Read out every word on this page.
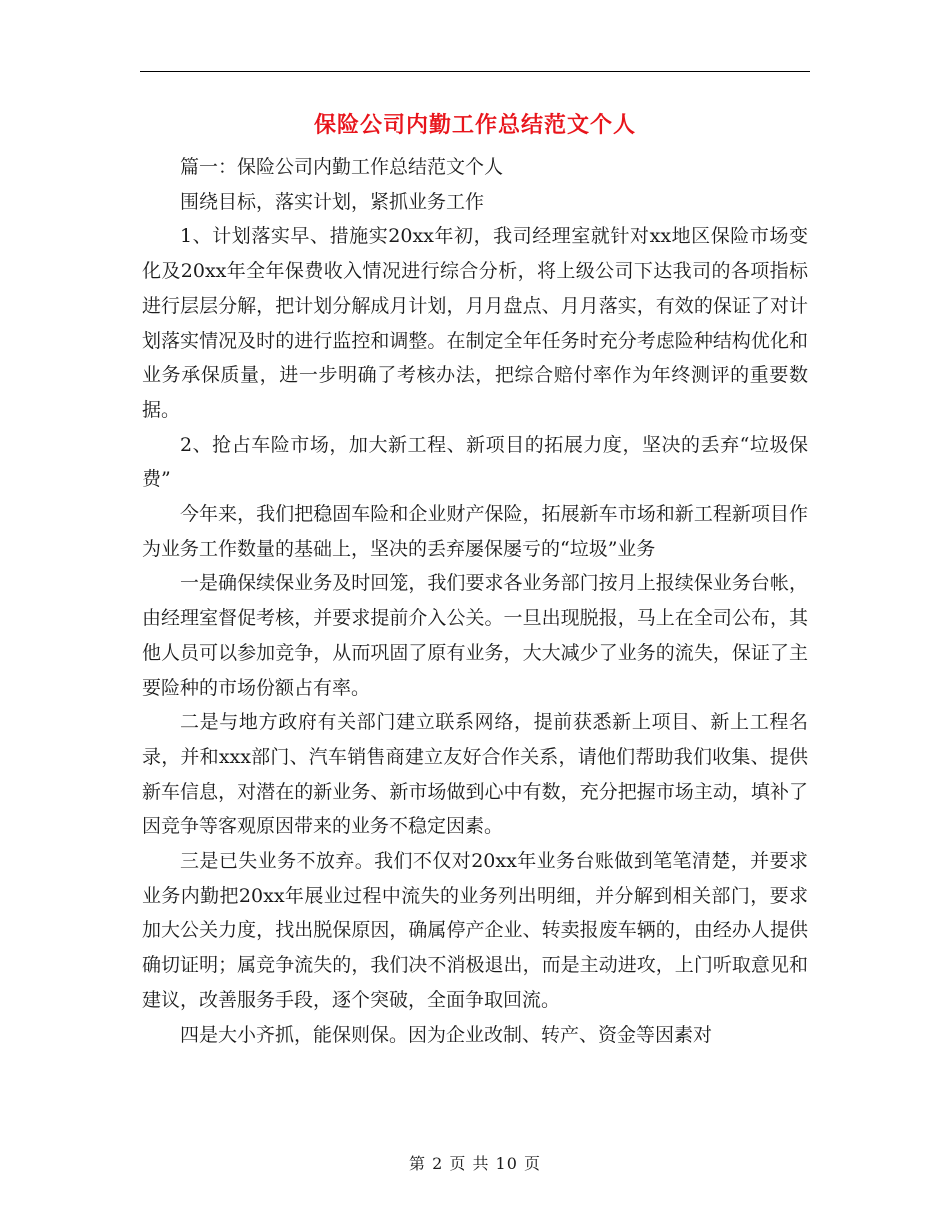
保险公司内勤工作总结范文个人

篇一：保险公司内勤工作总结范文个人

围绕目标，落实计划，紧抓业务工作

1、计划落实早、措施实20xx年初，我司经理室就针对xx地区保险市场变化及20xx年全年保费收入情况进行综合分析，将上级公司下达我司的各项指标进行层层分解，把计划分解成月计划，月月盘点、月月落实，有效的保证了对计划落实情况及时的进行监控和调整。在制定全年任务时充分考虑险种结构优化和业务承保质量，进一步明确了考核办法，把综合赔付率作为年终测评的重要数据。

2、抢占车险市场，加大新工程、新项目的拓展力度，坚决的丢弃“垃圾保费”

今年来，我们把稳固车险和企业财产保险，拓展新车市场和新工程新项目作为业务工作数量的基础上，坚决的丢弃屡保屡亏的“垃圾”业务

一是确保续保业务及时回笼，我们要求各业务部门按月上报续保业务台帐，由经理室督促考核，并要求提前介入公关。一旦出现脱报，马上在全司公布，其他人员可以参加竞争，从而巩固了原有业务，大大减少了业务的流失，保证了主要险种的市场份额占有率。

二是与地方政府有关部门建立联系网络，提前获悉新上项目、新上工程名录，并和xxx部门、汽车销售商建立友好合作关系，请他们帮助我们收集、提供新车信息，对潜在的新业务、新市场做到心中有数，充分把握市场主动，填补了因竞争等客观原因带来的业务不稳定因素。

三是已失业务不放弃。我们不仅对20xx年业务台账做到笔笔清楚，并要求业务内勤把20xx年展业过程中流失的业务列出明细，并分解到相关部门，要求加大公关力度，找出脱保原因，确属停产企业、转卖报废车辆的，由经办人提供确切证明；属竞争流失的，我们决不消极退出，而是主动进攻，上门听取意见和建议，改善服务手段，逐个突破，全面争取回流。

四是大小齐抓，能保则保。因为企业改制、转产、资金等因素对

第 2 页 共 10 页
